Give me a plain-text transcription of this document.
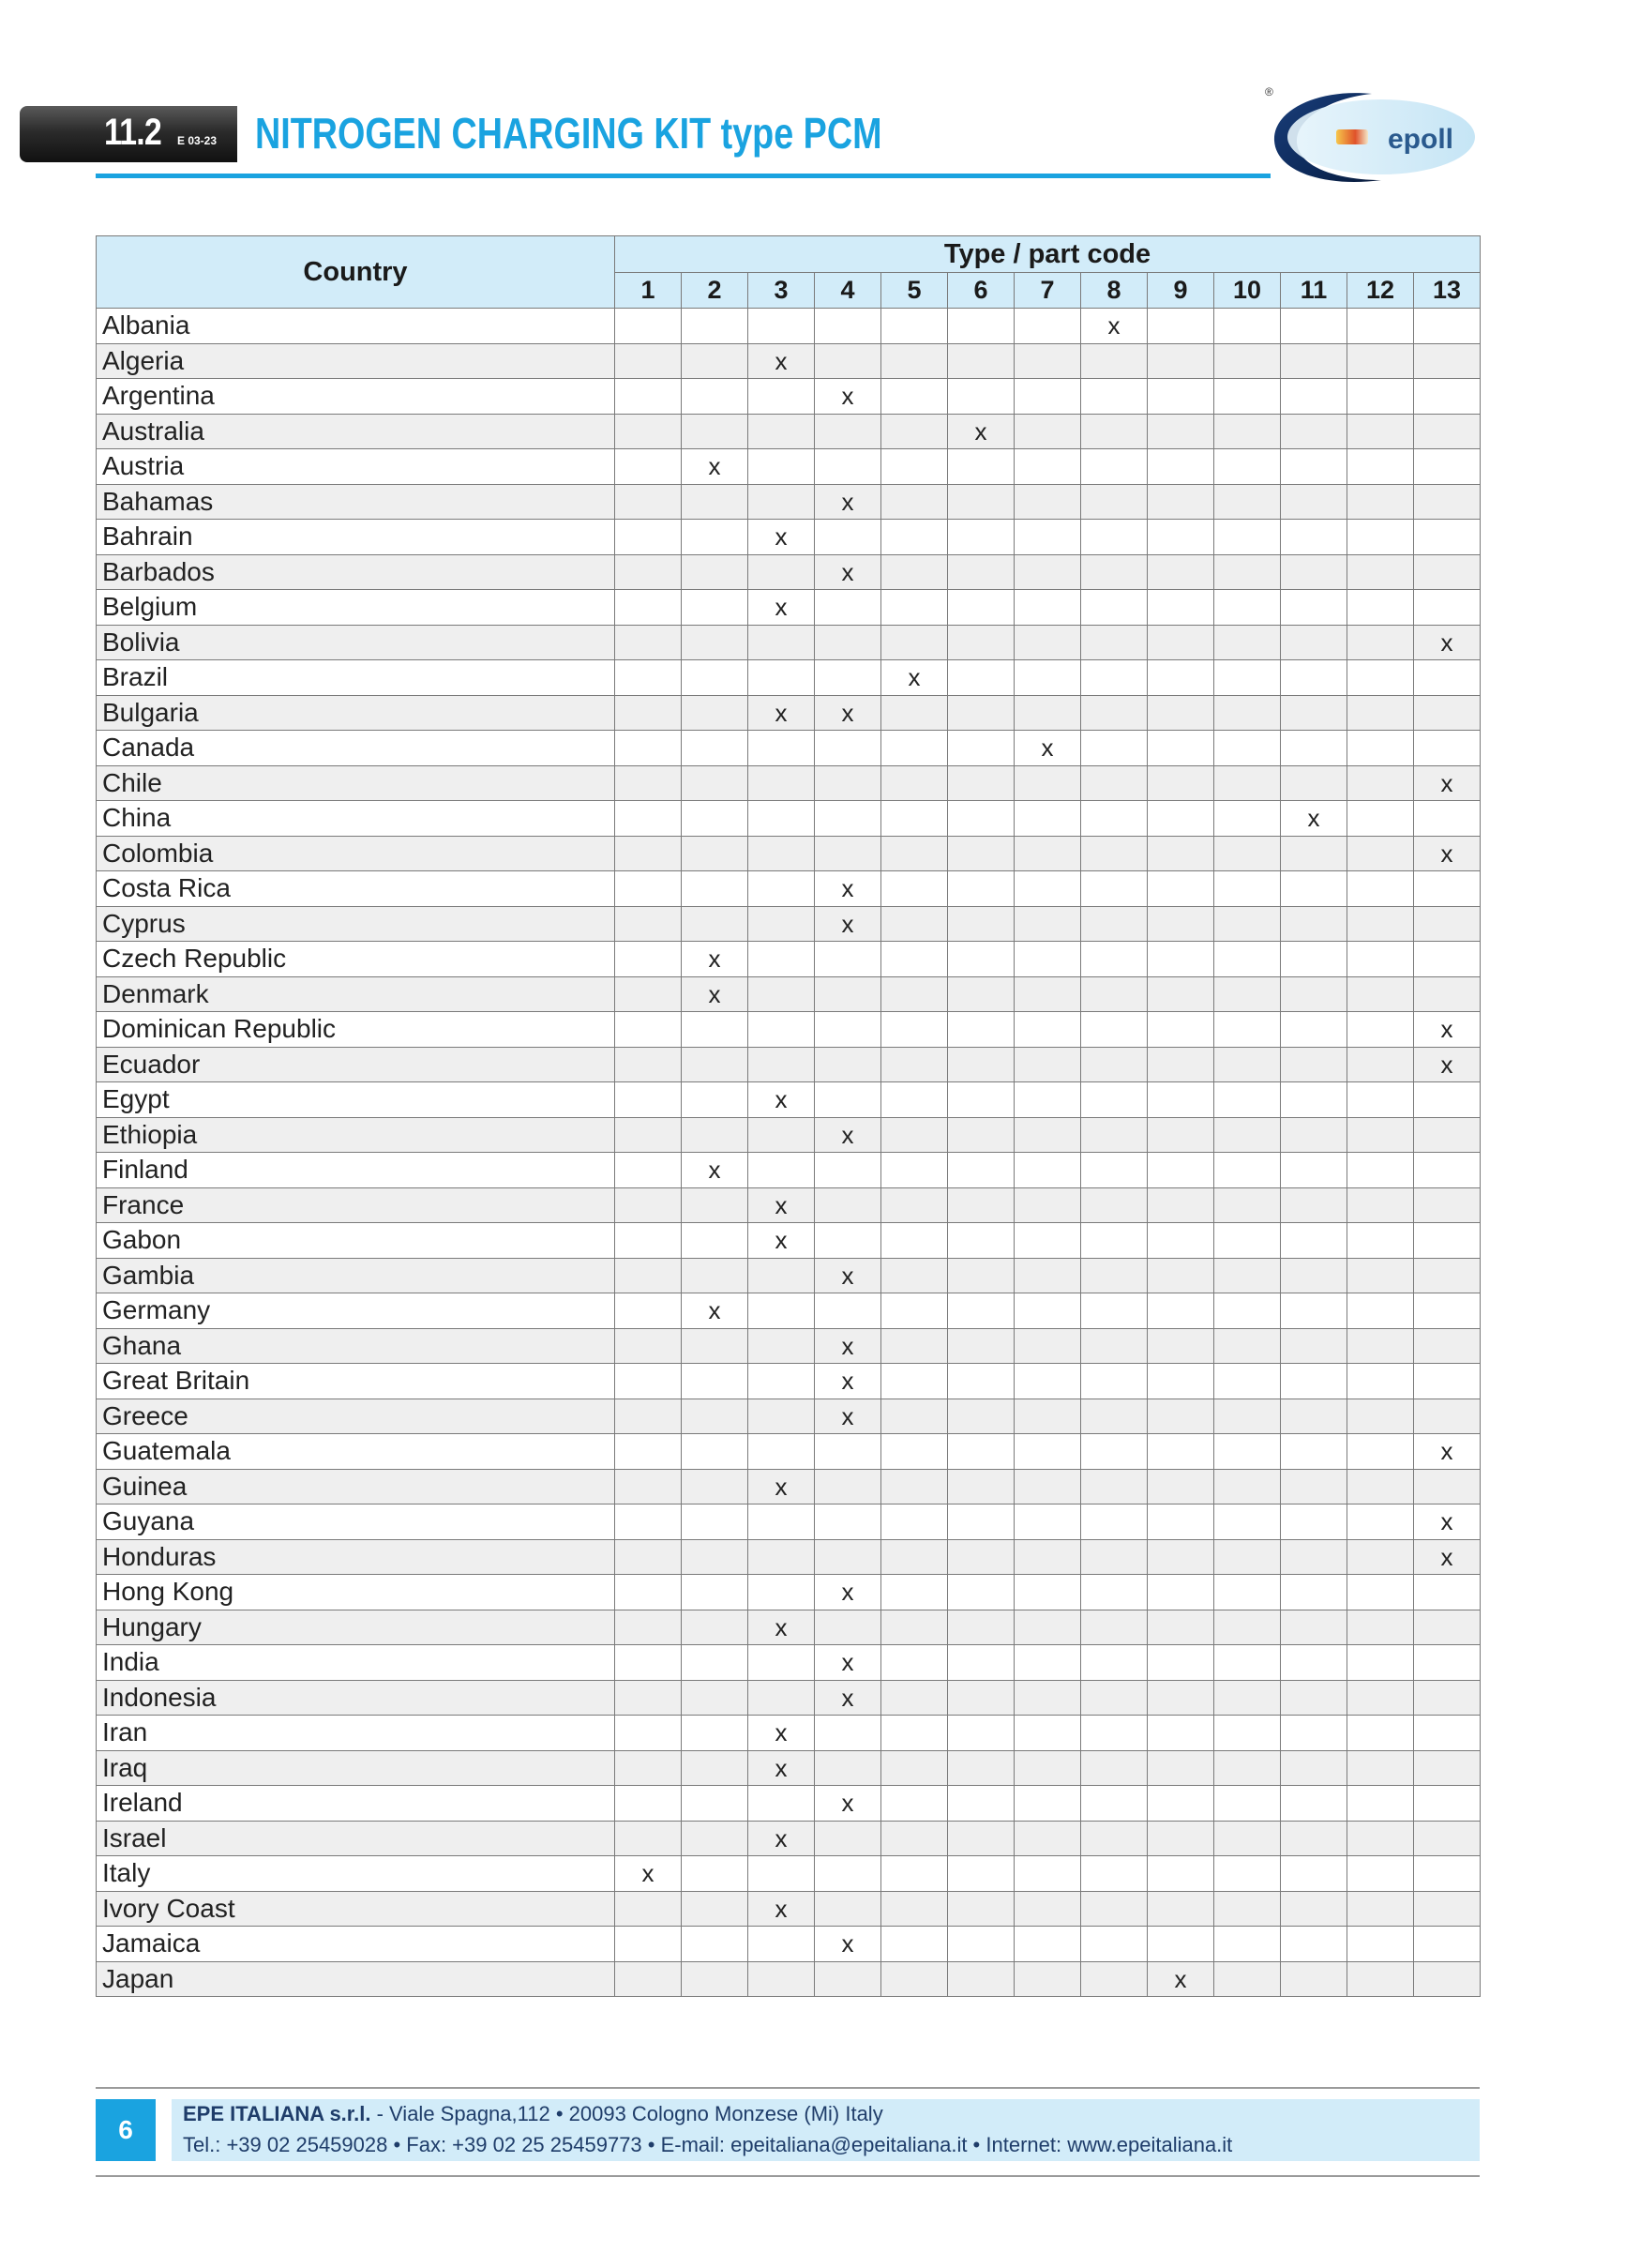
11.2 E 03-23 NITROGEN CHARGING KIT type PCM	epoll
®
Country	Type / part code												
	1	2	3	4	5	6	7	8	9	10	11	12	13
Albania								x					
Algeria			x										
Argentina				x									
Australia						x							
Austria		x											
Bahamas				x									
Bahrain			x										
Barbados				x									
Belgium			x										
Bolivia													x
Brazil					x								
Bulgaria			x	x									
Canada							x						
Chile													x
China											x		
Colombia													x
Costa Rica				x									
Cyprus				x									
Czech Republic		x											
Denmark		x											
Dominican Republic													x
Ecuador													x
Egypt			x										
Ethiopia				x									
Finland		x											
France			x										
Gabon			x										
Gambia				x									
Germany		x											
Ghana				x									
Great Britain				x									
Greece				x									
Guatemala													x
Guinea			x										
Guyana													x
Honduras													x
Hong Kong				x									
Hungary			x										
India				x									
Indonesia				x									
Iran			x										
Iraq			x										
Ireland				x									
Israel			x										
Italy	x												
Ivory Coast			x										
Jamaica				x									
Japan									x				
6
EPE ITALIANA s.r.l. - Viale Spagna,112 • 20093 Cologno Monzese (Mi) Italy
Tel.: +39 02 25459028 • Fax: +39 02 25 25459773 • E-mail: epeitaliana@epeitaliana.it • Internet: www.epeitaliana.it
